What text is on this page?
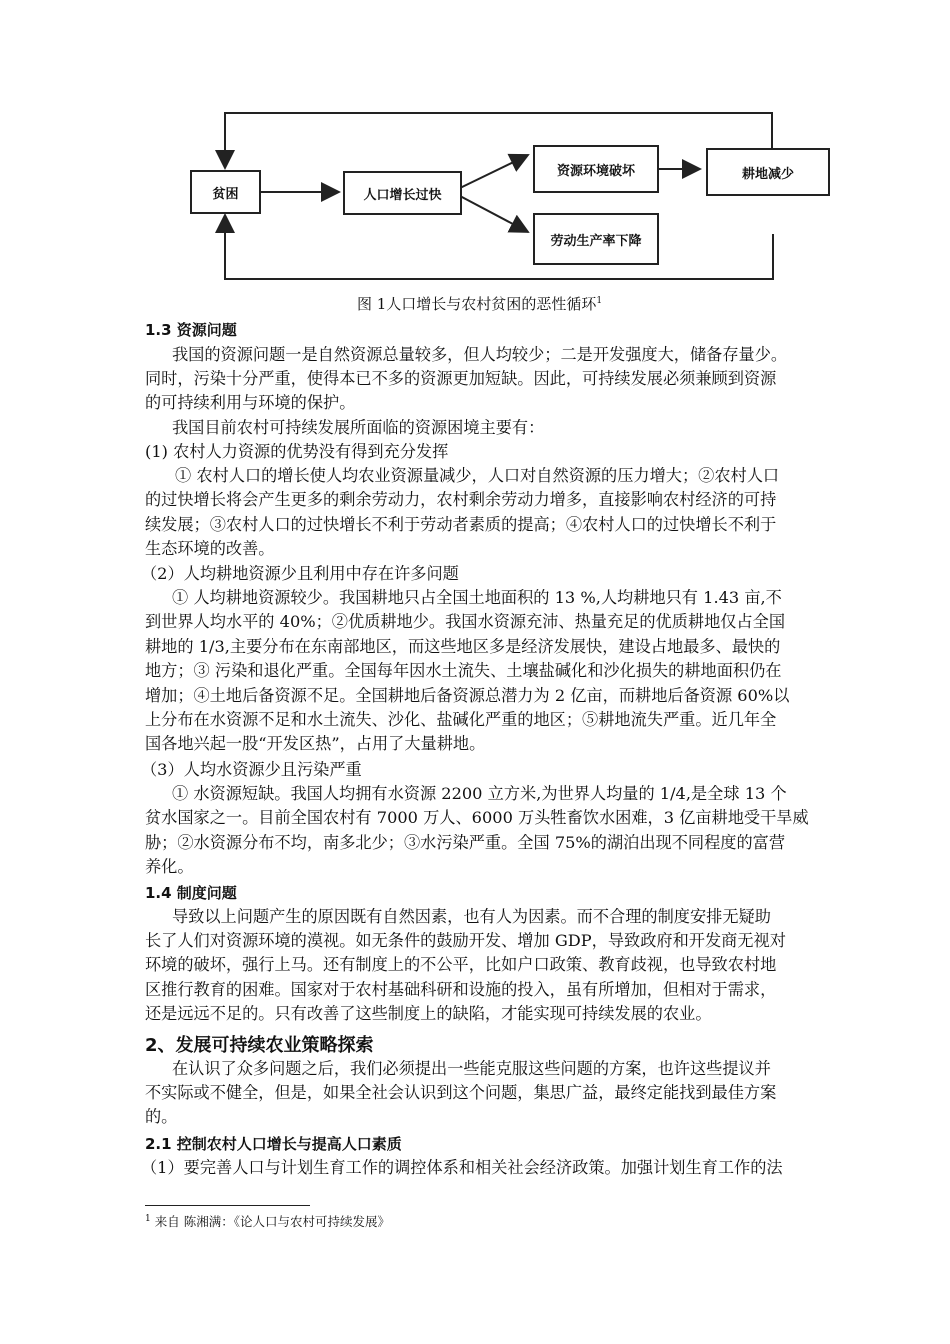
贫困	人口增长过快
资源环境破坏	耕地减少
劳动生产率下降
图 1人口增长与农村贫困的恶性循环$^1$
1.3 资源问题
我国的资源问题一是自然资源总量较多，但人均较少；二是开发强度大，储备存量少。
同时，污染十分严重，使得本已不多的资源更加短缺。因此，可持续发展必须兼顾到资源
的可持续利用与环境的保护。
我国目前农村可持续发展所面临的资源困境主要有：
(1) 农村人力资源的优势没有得到充分发挥
① 农村人口的增长使人均农业资源量减少，人口对自然资源的压力增大；②农村人口
的过快增长将会产生更多的剩余劳动力，农村剩余劳动力增多，直接影响农村经济的可持
续发展；③农村人口的过快增长不利于劳动者素质的提高；④农村人口的过快增长不利于
生态环境的改善。
（2）人均耕地资源少且利用中存在许多问题
① 人均耕地资源较少。我国耕地只占全国土地面积的 13 %,人均耕地只有 1.43 亩,不
到世界人均水平的 40%；②优质耕地少。我国水资源充沛、热量充足的优质耕地仅占全国
耕地的 1/3,主要分布在东南部地区，而这些地区多是经济发展快，建设占地最多、最快的
地方；③ 污染和退化严重。全国每年因水土流失、土壤盐碱化和沙化损失的耕地面积仍在
增加；④土地后备资源不足。全国耕地后备资源总潜力为 2 亿亩，而耕地后备资源 60%以
上分布在水资源不足和水土流失、沙化、盐碱化严重的地区；⑤耕地流失严重。近几年全
国各地兴起一股“开发区热”，占用了大量耕地。
（3）人均水资源少且污染严重
① 水资源短缺。我国人均拥有水资源 2200 立方米,为世界人均量的 1/4,是全球 13 个
贫水国家之一。目前全国农村有 7000 万人、6000 万头牲畜饮水困难，3 亿亩耕地受干旱威
胁；②水资源分布不均，南多北少；③水污染严重。全国 75%的湖泊出现不同程度的富营
养化。
1.4 制度问题
导致以上问题产生的原因既有自然因素，也有人为因素。而不合理的制度安排无疑助
长了人们对资源环境的漠视。如无条件的鼓励开发、增加 GDP，导致政府和开发商无视对
环境的破坏，强行上马。还有制度上的不公平，比如户口政策、教育歧视，也导致农村地
区推行教育的困难。国家对于农村基础科研和设施的投入，虽有所增加，但相对于需求，
还是远远不足的。只有改善了这些制度上的缺陷，才能实现可持续发展的农业。
2、发展可持续农业策略探索
在认识了众多问题之后，我们必须提出一些能克服这些问题的方案，也许这些提议并
不实际或不健全，但是，如果全社会认识到这个问题，集思广益，最终定能找到最佳方案
的。
2.1 控制农村人口增长与提高人口素质
（1）要完善人口与计划生育工作的调控体系和相关社会经济政策。加强计划生育工作的法
$^1$ 来自 陈湘满：《论人口与农村可持续发展》
